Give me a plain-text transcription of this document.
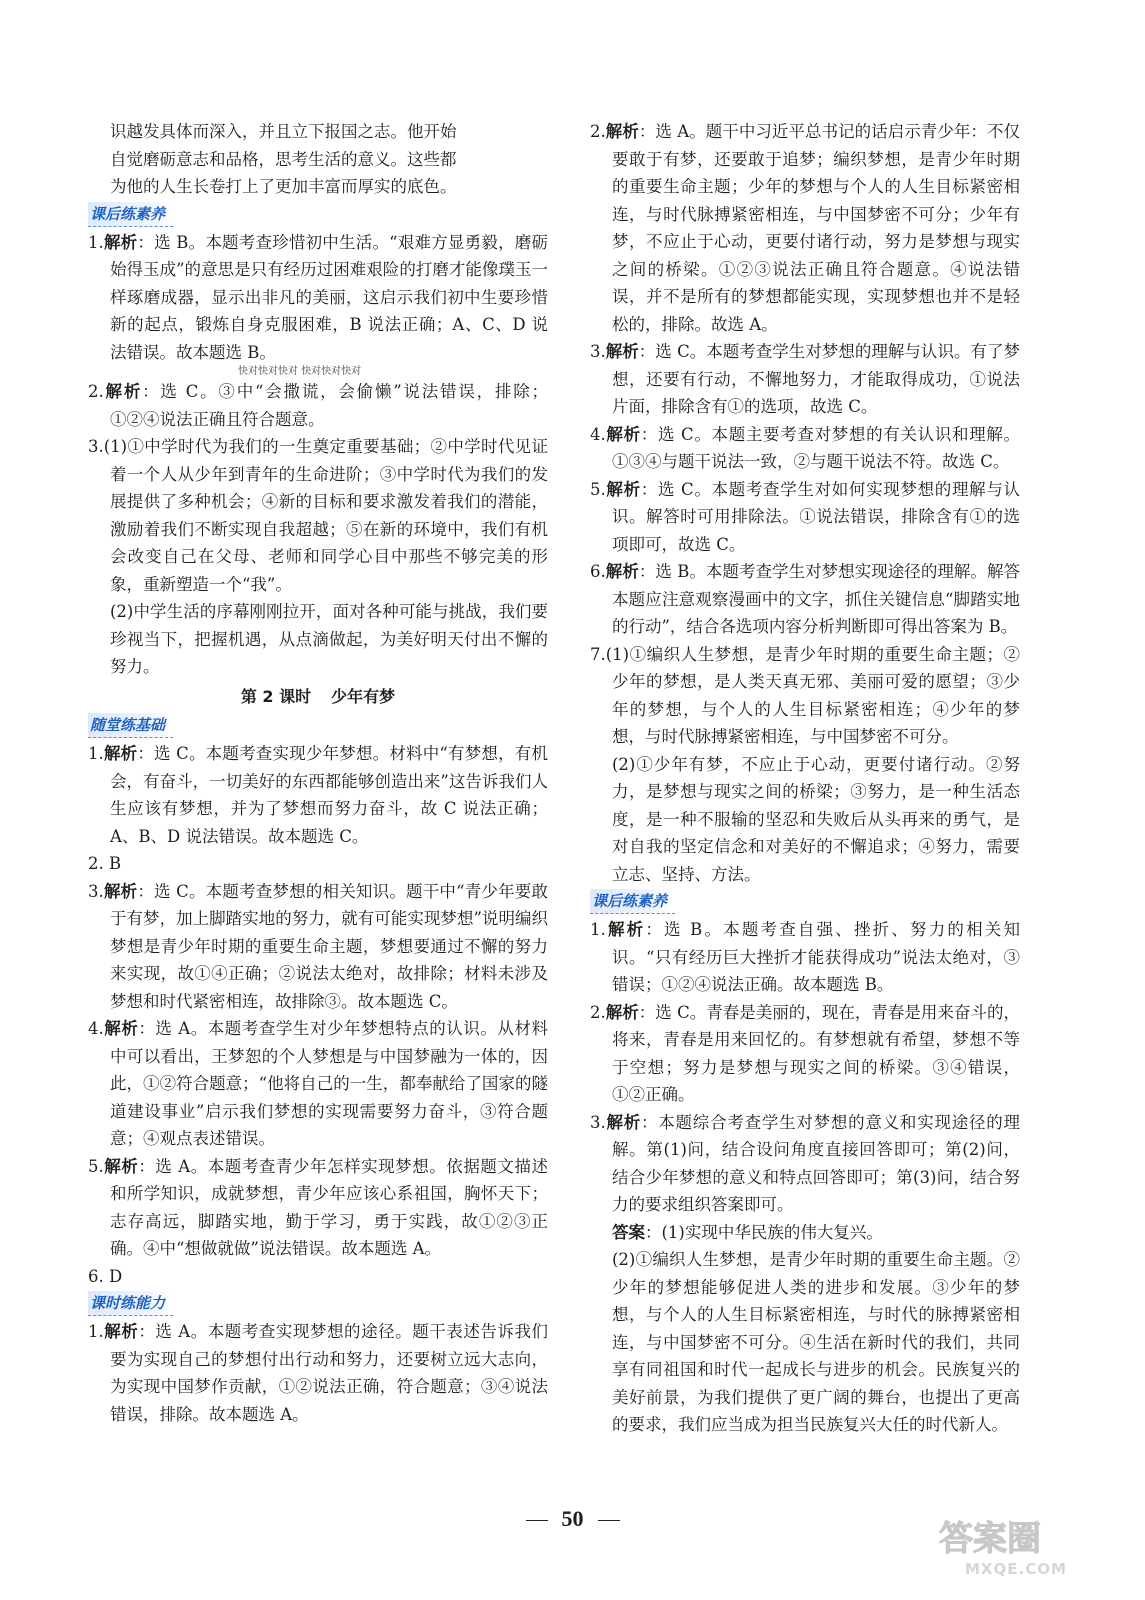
识越发具体而深入，并且立下报国之志。他开始

自觉磨砺意志和品格，思考生活的意义。这些都

为他的人生长卷打上了更加丰富而厚实的底色。

课后练素养

1.解析：选 B。本题考查珍惜初中生活。“艰难方显勇毅，磨砺始得玉成”的意思是只有经历过困难艰险的打磨才能像璞玉一样琢磨成器，显示出非凡的美丽，这启示我们初中生要珍惜新的起点，锻炼自身克服困难，B 说法正确；A、C、D 说法错误。故本题选 B。

快对快对快对 快对快对快对

2.解析：选 C。③中“会撒谎，会偷懒”说法错误，排除；①②④说法正确且符合题意。

3.(1)①中学时代为我们的一生奠定重要基础；②中学时代见证着一个人从少年到青年的生命进阶；③中学时代为我们的发展提供了多种机会；④新的目标和要求激发着我们的潜能，激励着我们不断实现自我超越；⑤在新的环境中，我们有机会改变自己在父母、老师和同学心目中那些不够完美的形象，重新塑造一个“我”。

(2)中学生活的序幕刚刚拉开，面对各种可能与挑战，我们要珍视当下，把握机遇，从点滴做起，为美好明天付出不懈的努力。

第 2 课时 少年有梦
随堂练基础

1.解析：选 C。本题考查实现少年梦想。材料中“有梦想，有机会，有奋斗，一切美好的东西都能够创造出来”这告诉我们人生应该有梦想，并为了梦想而努力奋斗，故 C 说法正确；A、B、D 说法错误。故本题选 C。

2. B

3.解析：选 C。本题考查梦想的相关知识。题干中“青少年要敢于有梦，加上脚踏实地的努力，就有可能实现梦想”说明编织梦想是青少年时期的重要生命主题，梦想要通过不懈的努力来实现，故①④正确；②说法太绝对，故排除；材料未涉及梦想和时代紧密相连，故排除③。故本题选 C。

4.解析：选 A。本题考查学生对少年梦想特点的认识。从材料中可以看出，王梦恕的个人梦想是与中国梦融为一体的，因此，①②符合题意；“他将自己的一生，都奉献给了国家的隧道建设事业”启示我们梦想的实现需要努力奋斗，③符合题意；④观点表述错误。

5.解析：选 A。本题考查青少年怎样实现梦想。依据题文描述和所学知识，成就梦想，青少年应该心系祖国，胸怀天下；志存高远，脚踏实地，勤于学习，勇于实践，故①②③正确。④中“想做就做”说法错误。故本题选 A。

6. D

课时练能力

1.解析：选 A。本题考查实现梦想的途径。题干表述告诉我们要为实现自己的梦想付出行动和努力，还要树立远大志向，为实现中国梦作贡献，①②说法正确，符合题意；③④说法错误，排除。故本题选 A。

2.解析：选 A。题干中习近平总书记的话启示青少年：不仅要敢于有梦，还要敢于追梦；编织梦想，是青少年时期的重要生命主题；少年的梦想与个人的人生目标紧密相连，与时代脉搏紧密相连，与中国梦密不可分；少年有梦，不应止于心动，更要付诸行动，努力是梦想与现实之间的桥梁。①②③说法正确且符合题意。④说法错误，并不是所有的梦想都能实现，实现梦想也并不是轻松的，排除。故选 A。

3.解析：选 C。本题考查学生对梦想的理解与认识。有了梦想，还要有行动，不懈地努力，才能取得成功，①说法片面，排除含有①的选项，故选 C。

4.解析：选 C。本题主要考查对梦想的有关认识和理解。①③④与题干说法一致，②与题干说法不符。故选 C。

5.解析：选 C。本题考查学生对如何实现梦想的理解与认识。解答时可用排除法。①说法错误，排除含有①的选项即可，故选 C。

6.解析：选 B。本题考查学生对梦想实现途径的理解。解答本题应注意观察漫画中的文字，抓住关键信息“脚踏实地的行动”，结合各选项内容分析判断即可得出答案为 B。

7.(1)①编织人生梦想，是青少年时期的重要生命主题；②少年的梦想，是人类天真无邪、美丽可爱的愿望；③少年的梦想，与个人的人生目标紧密相连；④少年的梦想，与时代脉搏紧密相连，与中国梦密不可分。

(2)①少年有梦，不应止于心动，更要付诸行动。②努力，是梦想与现实之间的桥梁；③努力，是一种生活态度，是一种不服输的坚忍和失败后从头再来的勇气，是对自我的坚定信念和对美好的不懈追求；④努力，需要立志、坚持、方法。

课后练素养

1.解析：选 B。本题考查自强、挫折、努力的相关知识。“只有经历巨大挫折才能获得成功”说法太绝对，③错误；①②④说法正确。故本题选 B。

2.解析：选 C。青春是美丽的，现在，青春是用来奋斗的，将来，青春是用来回忆的。有梦想就有希望，梦想不等于空想；努力是梦想与现实之间的桥梁。③④错误，①②正确。

3.解析：本题综合考查学生对梦想的意义和实现途径的理解。第(1)问，结合设问角度直接回答即可；第(2)问，结合少年梦想的意义和特点回答即可；第(3)问，结合努力的要求组织答案即可。

答案：(1)实现中华民族的伟大复兴。

(2)①编织人生梦想，是青少年时期的重要生命主题。②少年的梦想能够促进人类的进步和发展。③少年的梦想，与个人的人生目标紧密相连，与时代的脉搏紧密相连，与中国梦密不可分。④生活在新时代的我们，共同享有同祖国和时代一起成长与进步的机会。民族复兴的美好前景，为我们提供了更广阔的舞台，也提出了更高的要求，我们应当成为担当民族复兴大任的时代新人。

50
答案圈
MXQE.COM
